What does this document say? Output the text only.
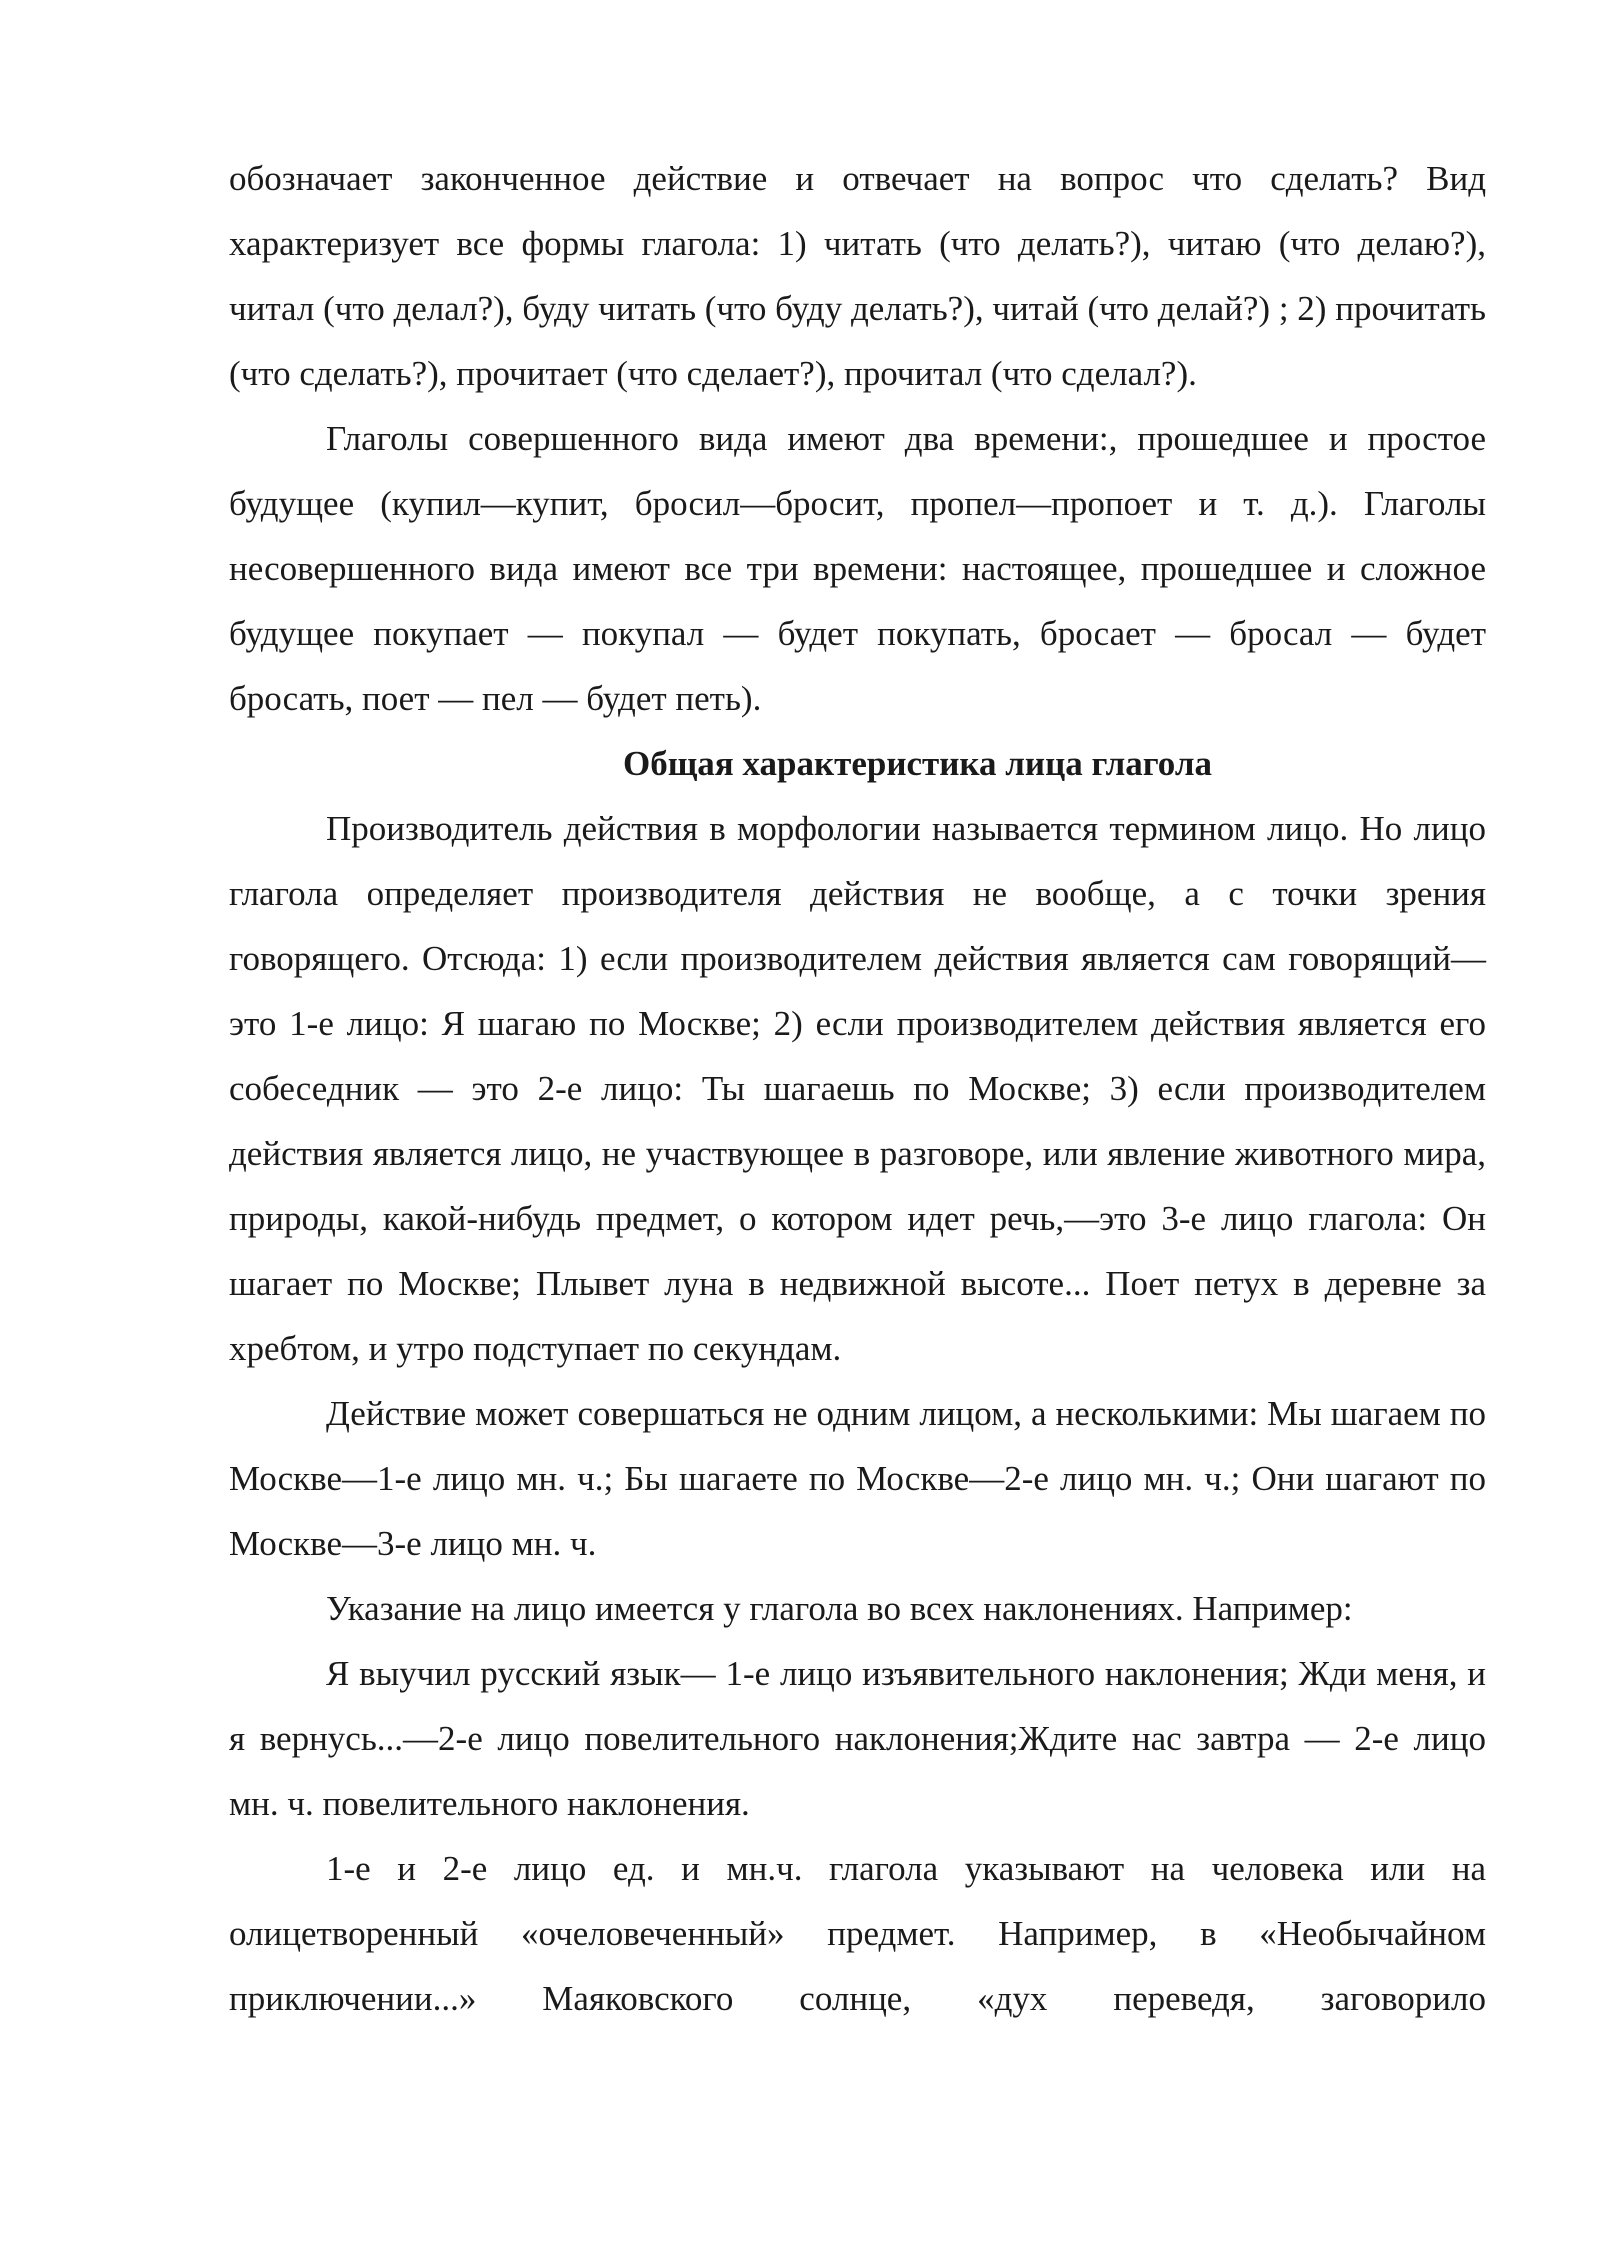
обозначает законченное действие и отвечает на вопрос что сделать? Вид характеризует все формы глагола: 1) читать (что делать?), читаю (что делаю?), читал (что делал?), буду читать (что буду делать?), читай (что делай?) ; 2) прочитать (что сделать?), прочитает (что сделает?), прочитал (что сделал?).

Глаголы совершенного вида имеют два времени:, прошедшее и простое будущее (купил—купит, бросил—бросит, пропел—пропоет и т. д.). Глаголы несовершенного вида имеют все три времени: настоящее, прошедшее и сложное будущее покупает — покупал — будет покупать, бросает — бросал — будет бросать, поет — пел — будет петь).

Общая характеристика лица глагола

Производитель действия в морфологии называется термином лицо. Но лицо глагола определяет производителя действия не вообще, а с точки зрения говорящего. Отсюда: 1) если производителем действия является сам говорящий—это 1-е лицо: Я шагаю по Москве; 2) если производителем действия является его собеседник — это 2-е лицо: Ты шагаешь по Москве; 3) если производителем действия является лицо, не участвующее в разговоре, или явление животного мира, природы, какой-нибудь предмет, о котором идет речь,—это 3-е лицо глагола: Он шагает по Москве; Плывет луна в недвижной высоте... Поет петух в деревне за хребтом, и утро подступает по секундам.

Действие может совершаться не одним лицом, а несколькими: Мы шагаем по Москве—1-е лицо мн. ч.; Бы шагаете по Москве—2-е лицо мн. ч.; Они шагают по Москве—3-е лицо мн. ч.

Указание на лицо имеется у глагола во всех наклонениях. Например:

Я выучил русский язык— 1-е лицо изъявительного наклонения; Жди меня, и я вернусь...—2-е лицо повелительного наклонения;Ждите нас завтра — 2-е лицо мн. ч. повелительного наклонения.

1-е и 2-е лицо ед. и мн.ч. глагола указывают на человека или на олицетворенный «очеловеченный» предмет. Например, в «Необычайном приключении...» Маяковского солнце, «дух переведя, заговорило
